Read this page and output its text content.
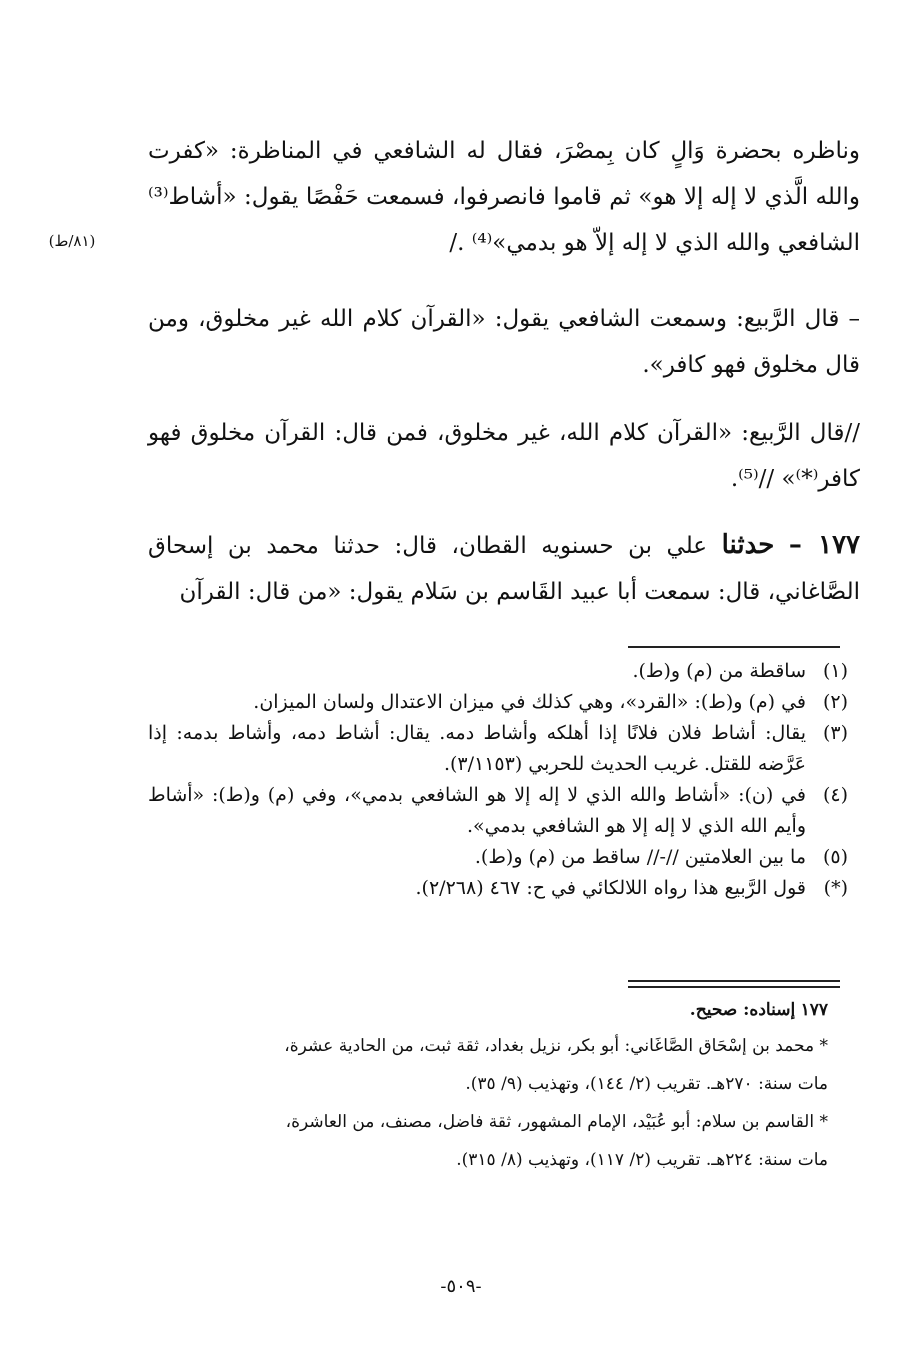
(٨١/ط)
وناظره بحضرة وَالٍ كان بِمصْرَ، فقال له الشافعي في المناظرة: «كفرت والله الَّذي لا إله إلا هو» ثم قاموا فانصرفوا، فسمعت حَفْصًا يقول: «أشاط⁽³⁾ الشافعي والله الذي لا إله إلاّ هو بدمي»⁽⁴⁾ ./
– قال الرَّبيع: وسمعت الشافعي يقول: «القرآن كلام الله غير مخلوق، ومن قال مخلوق فهو كافر».
//قال الرَّبيع: «القرآن كلام الله، غير مخلوق، فمن قال: القرآن مخلوق فهو كافر⁽*⁾» //⁽⁵⁾.
١٧٧ – حدثنا علي بن حسنويه القطان، قال: حدثنا محمد بن إسحاق الصَّاغاني، قال: سمعت أبا عبيد القَاسم بن سَلام يقول: «من قال: القرآن
(١)
ساقطة من (م) و(ط).
(٢)
في (م) و(ط): «القرد»، وهي كذلك في ميزان الاعتدال ولسان الميزان.
(٣)
يقال: أشاط فلان فلانًا إذا أهلكه وأشاط دمه. يقال: أشاط دمه، وأشاط بدمه: إذا عَرَّضه للقتل. غريب الحديث للحربي (٣/١١٥٣).
(٤)
في (ن): «أشاط والله الذي لا إله إلا هو الشافعي بدمي»، وفي (م) و(ط): «أشاط وأيم الله الذي لا إله إلا هو الشافعي بدمي».
(٥)
ما بين العلامتين //-// ساقط من (م) و(ط).
(*)
قول الرَّبيع هذا رواه اللالكائي في ح: ٤٦٧ (٢/٢٦٨).
١٧٧ إسناده: صحيح.
* محمد بن إسْحَاق الصَّاغَاني: أبو بكر، نزيل بغداد، ثقة ثبت، من الحادية عشرة،
مات سنة: ٢٧٠هـ. تقريب (٢/ ١٤٤)، وتهذيب (٩/ ٣٥).
* القاسم بن سلام: أبو عُبَيْد، الإمام المشهور، ثقة فاضل، مصنف، من العاشرة،
مات سنة: ٢٢٤هـ. تقريب (٢/ ١١٧)، وتهذيب (٨/ ٣١٥).
-٥٠٩-
